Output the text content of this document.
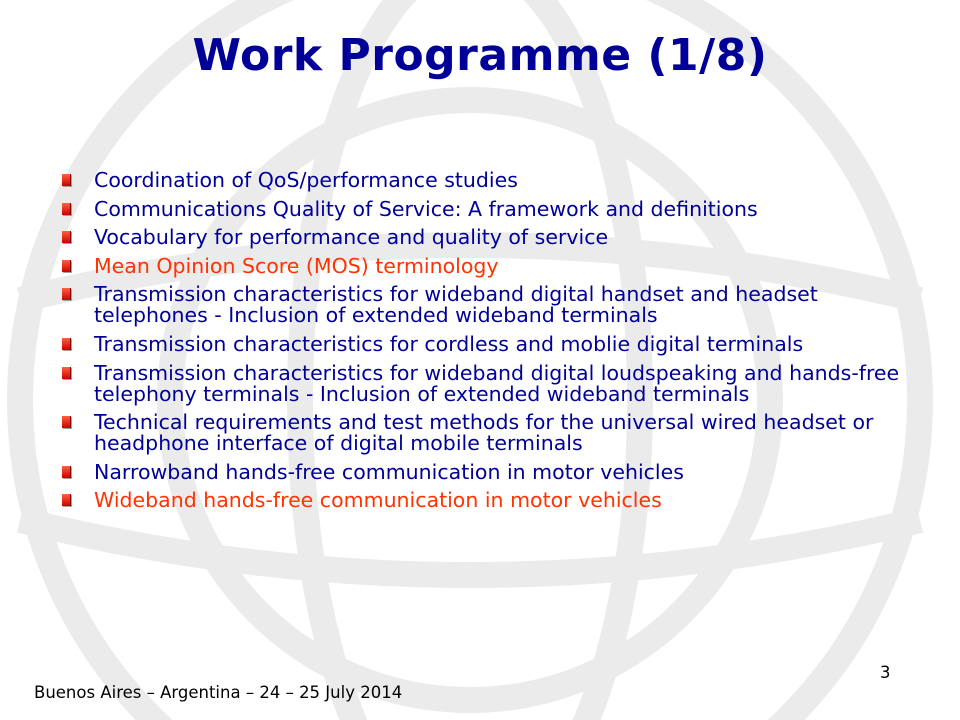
Work Programme (1/8)
Coordination of QoS/performance studies
Communications Quality of Service: A framework and definitions
Vocabulary for performance and quality of service
Mean Opinion Score (MOS) terminology
Transmission characteristics for wideband digital handset and headset telephones - Inclusion of extended wideband terminals
Transmission characteristics for cordless and moblie digital terminals
Transmission characteristics for wideband digital loudspeaking and hands-free telephony terminals - Inclusion of extended wideband terminals
Technical requirements and test methods for the universal wired headset or headphone interface of digital mobile terminals
Narrowband hands-free communication in motor vehicles
Wideband hands-free communication in motor vehicles
3
Buenos Aires – Argentina – 24 – 25 July 2014
